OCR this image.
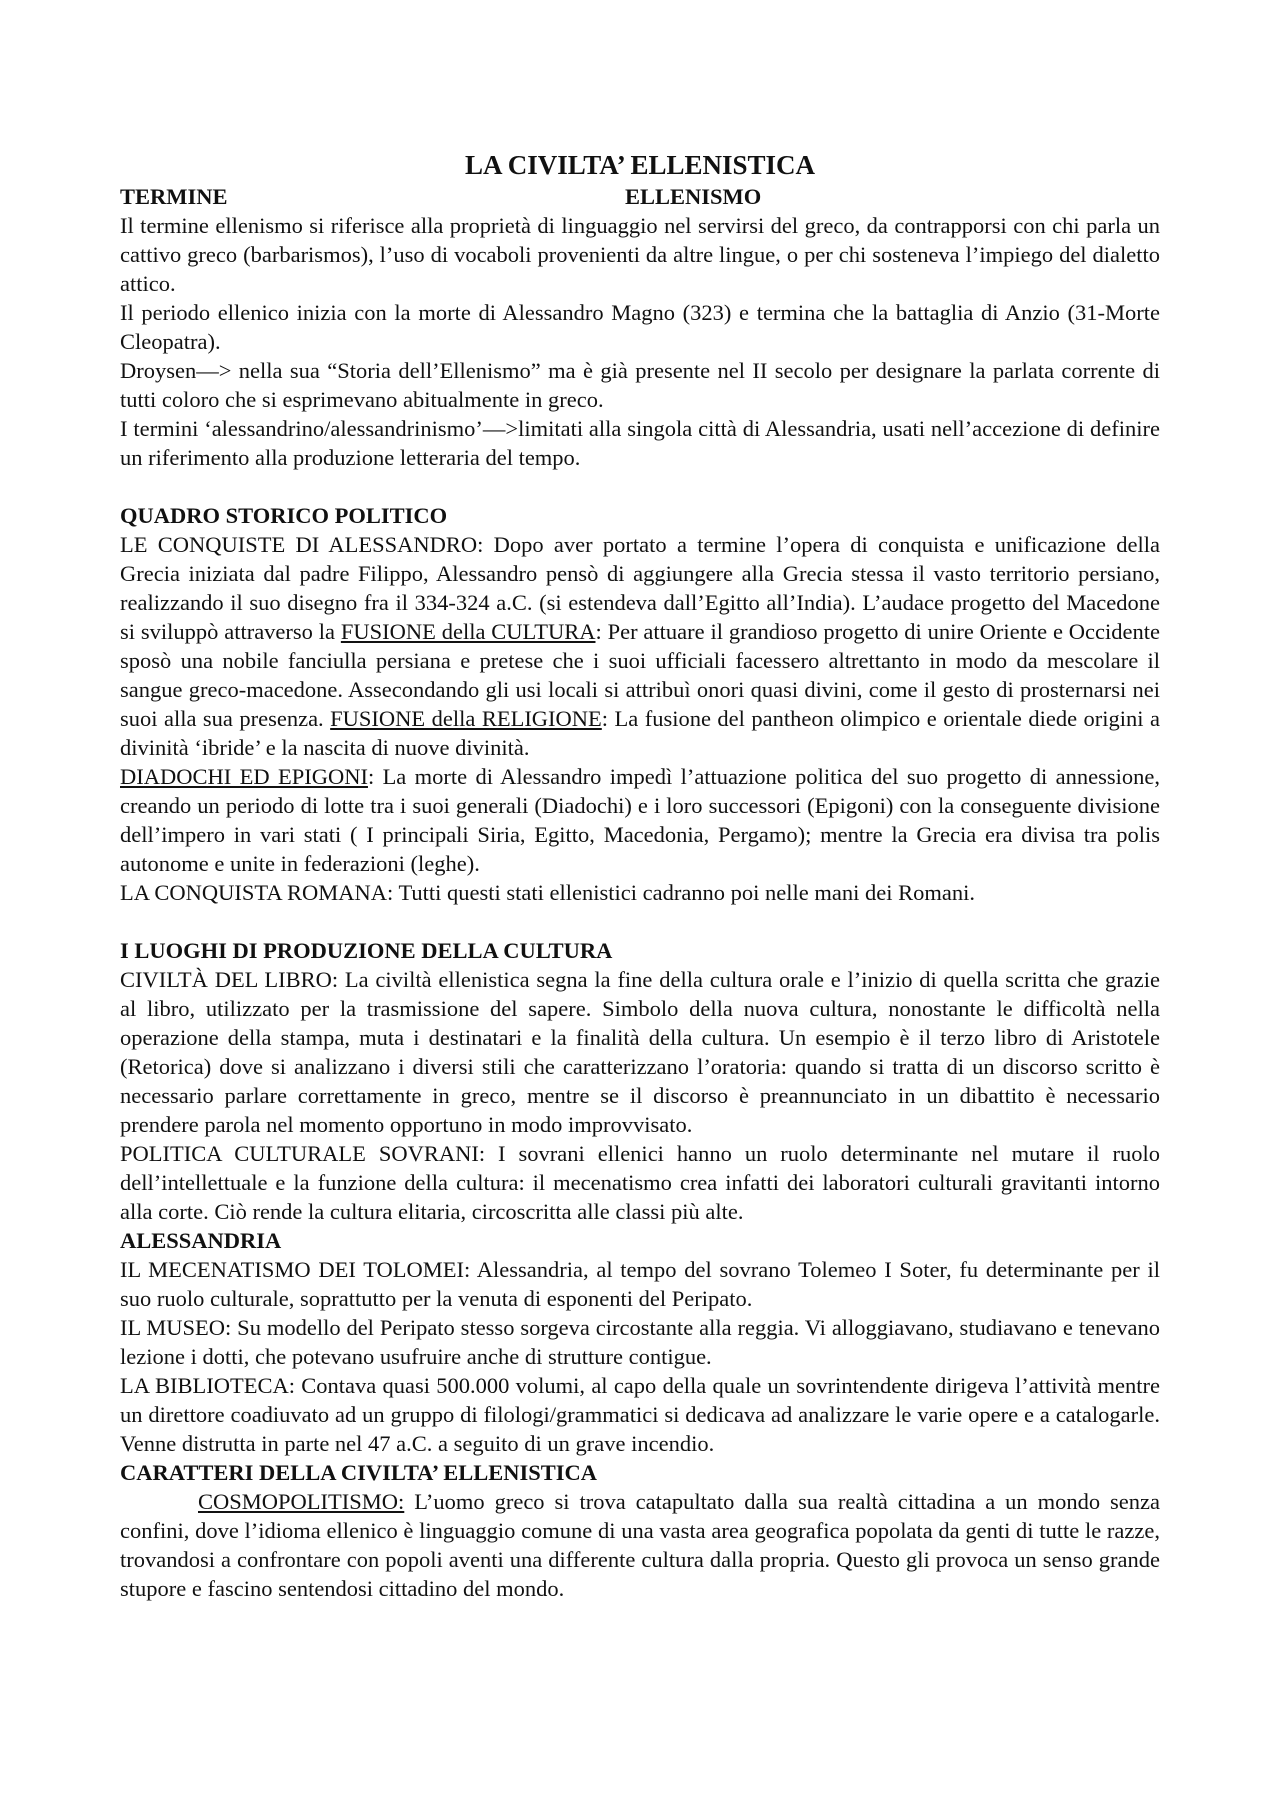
LA CIVILTA’ ELLENISTICA
TERMINE	ELLENISMO

Il termine ellenismo si riferisce alla proprietà di linguaggio nel servirsi del greco, da contrapporsi con chi parla un cattivo greco (barbarismos), l’uso di vocaboli provenienti da altre lingue, o per chi sosteneva l’impiego del dialetto attico.

Il periodo ellenico inizia con la morte di Alessandro Magno (323) e termina che la battaglia di Anzio (31-Morte Cleopatra).

Droysen—> nella sua “Storia dell’Ellenismo” ma è già presente nel II secolo per designare la parlata corrente di tutti coloro che si esprimevano abitualmente in greco.

I termini ‘alessandrino/alessandrinismo’—>limitati alla singola città di Alessandria, usati nell’accezione di definire un riferimento alla produzione letteraria del tempo.

QUADRO STORICO POLITICO

LE CONQUISTE DI ALESSANDRO: Dopo aver portato a termine l’opera di conquista e unificazione della Grecia iniziata dal padre Filippo, Alessandro pensò di aggiungere alla Grecia stessa il vasto territorio persiano, realizzando il suo disegno fra il 334-324 a.C. (si estendeva dall’Egitto all’India). L’audace progetto del Macedone si sviluppò attraverso la FUSIONE della CULTURA: Per attuare il grandioso progetto di unire Oriente e Occidente sposò una nobile fanciulla persiana e pretese che i suoi ufficiali facessero altrettanto in modo da mescolare il sangue greco-macedone. Assecondando gli usi locali si attribuì onori quasi divini, come il gesto di prosternarsi nei suoi alla sua presenza. FUSIONE della RELIGIONE: La fusione del pantheon olimpico e orientale diede origini a divinità ‘ibride’ e la nascita di nuove divinità.

DIADOCHI ED EPIGONI: La morte di Alessandro impedì l’attuazione politica del suo progetto di annessione, creando un periodo di lotte tra i suoi generali (Diadochi) e i loro successori (Epigoni) con la conseguente divisione dell’impero in vari stati ( I principali Siria, Egitto, Macedonia, Pergamo); mentre la Grecia era divisa tra polis autonome e unite in federazioni (leghe).

LA CONQUISTA ROMANA: Tutti questi stati ellenistici cadranno poi nelle mani dei Romani.

I LUOGHI DI PRODUZIONE DELLA CULTURA

CIVILTÀ DEL LIBRO: La civiltà ellenistica segna la fine della cultura orale e l’inizio di quella scritta che grazie al libro, utilizzato per la trasmissione del sapere. Simbolo della nuova cultura, nonostante le difficoltà nella operazione della stampa, muta i destinatari e la finalità della cultura. Un esempio è il terzo libro di Aristotele (Retorica) dove si analizzano i diversi stili che caratterizzano l’oratoria: quando si tratta di un discorso scritto è necessario parlare correttamente in greco, mentre se il discorso è preannunciato in un dibattito è necessario prendere parola nel momento opportuno in modo improvvisato.

POLITICA CULTURALE SOVRANI: I sovrani ellenici hanno un ruolo determinante nel mutare il ruolo dell’intellettuale e la funzione della cultura: il mecenatismo crea infatti dei laboratori culturali gravitanti intorno alla corte. Ciò rende la cultura elitaria, circoscritta alle classi più alte.

ALESSANDRIA

IL MECENATISMO DEI TOLOMEI: Alessandria, al tempo del sovrano Tolemeo I Soter, fu determinante per il suo ruolo culturale, soprattutto per la venuta di esponenti del Peripato.

IL MUSEO: Su modello del Peripato stesso sorgeva circostante alla reggia. Vi alloggiavano, studiavano e tenevano lezione i dotti, che potevano usufruire anche di strutture contigue.

LA BIBLIOTECA: Contava quasi 500.000 volumi, al capo della quale un sovrintendente dirigeva l’attività mentre un direttore coadiuvato ad un gruppo di filologi/grammatici si dedicava ad analizzare le varie opere e a catalogarle. Venne distrutta in parte nel 47 a.C. a seguito di un grave incendio.

CARATTERI DELLA CIVILTA’ ELLENISTICA

COSMOPOLITISMO: L’uomo greco si trova catapultato dalla sua realtà cittadina a un mondo senza confini, dove l’idioma ellenico è linguaggio comune di una vasta area geografica popolata da genti di tutte le razze, trovandosi a confrontare con popoli aventi una differente cultura dalla propria. Questo gli provoca un senso grande stupore e fascino sentendosi cittadino del mondo.
